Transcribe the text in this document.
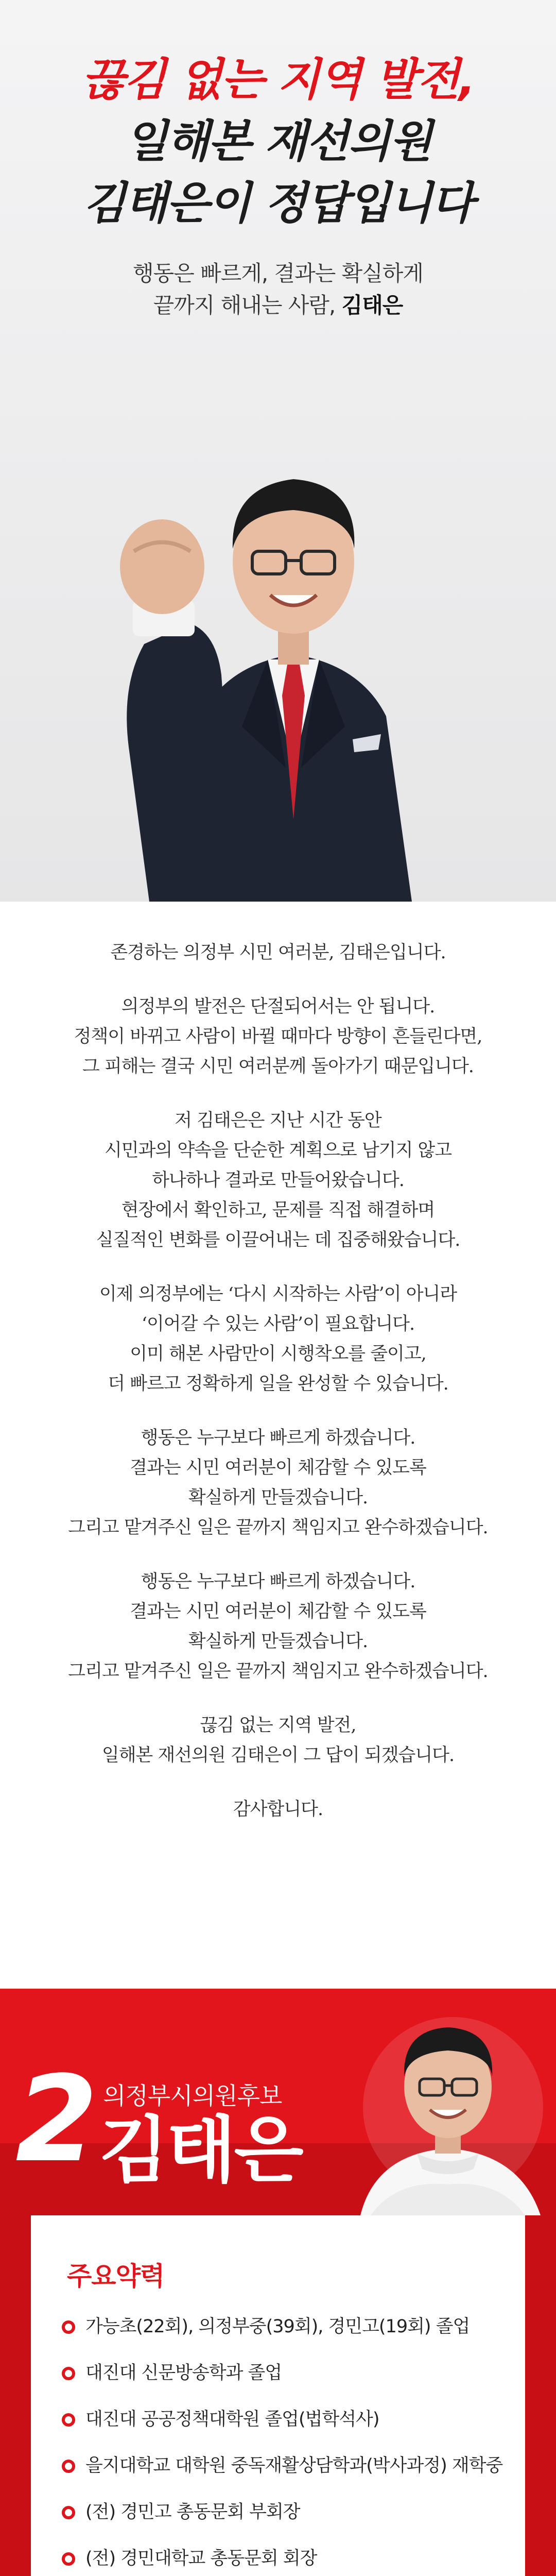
끊김 없는 지역 발전,
일해본 재선의원
김태은이 정답입니다
행동은 빠르게, 결과는 확실하게
끝까지 해내는 사람, 김태은
존경하는 의정부 시민 여러분, 김태은입니다.
의정부의 발전은 단절되어서는 안 됩니다.
정책이 바뀌고 사람이 바뀔 때마다 방향이 흔들린다면,
그 피해는 결국 시민 여러분께 돌아가기 때문입니다.
저 김태은은 지난 시간 동안
시민과의 약속을 단순한 계획으로 남기지 않고
하나하나 결과로 만들어왔습니다.
현장에서 확인하고, 문제를 직접 해결하며
실질적인 변화를 이끌어내는 데 집중해왔습니다.
이제 의정부에는 ‘다시 시작하는 사람’이 아니라
‘이어갈 수 있는 사람’이 필요합니다.
이미 해본 사람만이 시행착오를 줄이고,
더 빠르고 정확하게 일을 완성할 수 있습니다.
행동은 누구보다 빠르게 하겠습니다.
결과는 시민 여러분이 체감할 수 있도록
확실하게 만들겠습니다.
그리고 맡겨주신 일은 끝까지 책임지고 완수하겠습니다.
행동은 누구보다 빠르게 하겠습니다.
결과는 시민 여러분이 체감할 수 있도록
확실하게 만들겠습니다.
그리고 맡겨주신 일은 끝까지 책임지고 완수하겠습니다.
끊김 없는 지역 발전,
일해본 재선의원 김태은이 그 답이 되겠습니다.
감사합니다.
2 의정부시의원후보
김태은
주요약력
가능초(22회), 의정부중(39회), 경민고(19회) 졸업
대진대 신문방송학과 졸업
대진대 공공정책대학원 졸업(법학석사)
을지대학교 대학원 중독재활상담학과(박사과정) 재학중
(전) 경민고 총동문회 부회장
(전) 경민대학교 총동문회 회장
